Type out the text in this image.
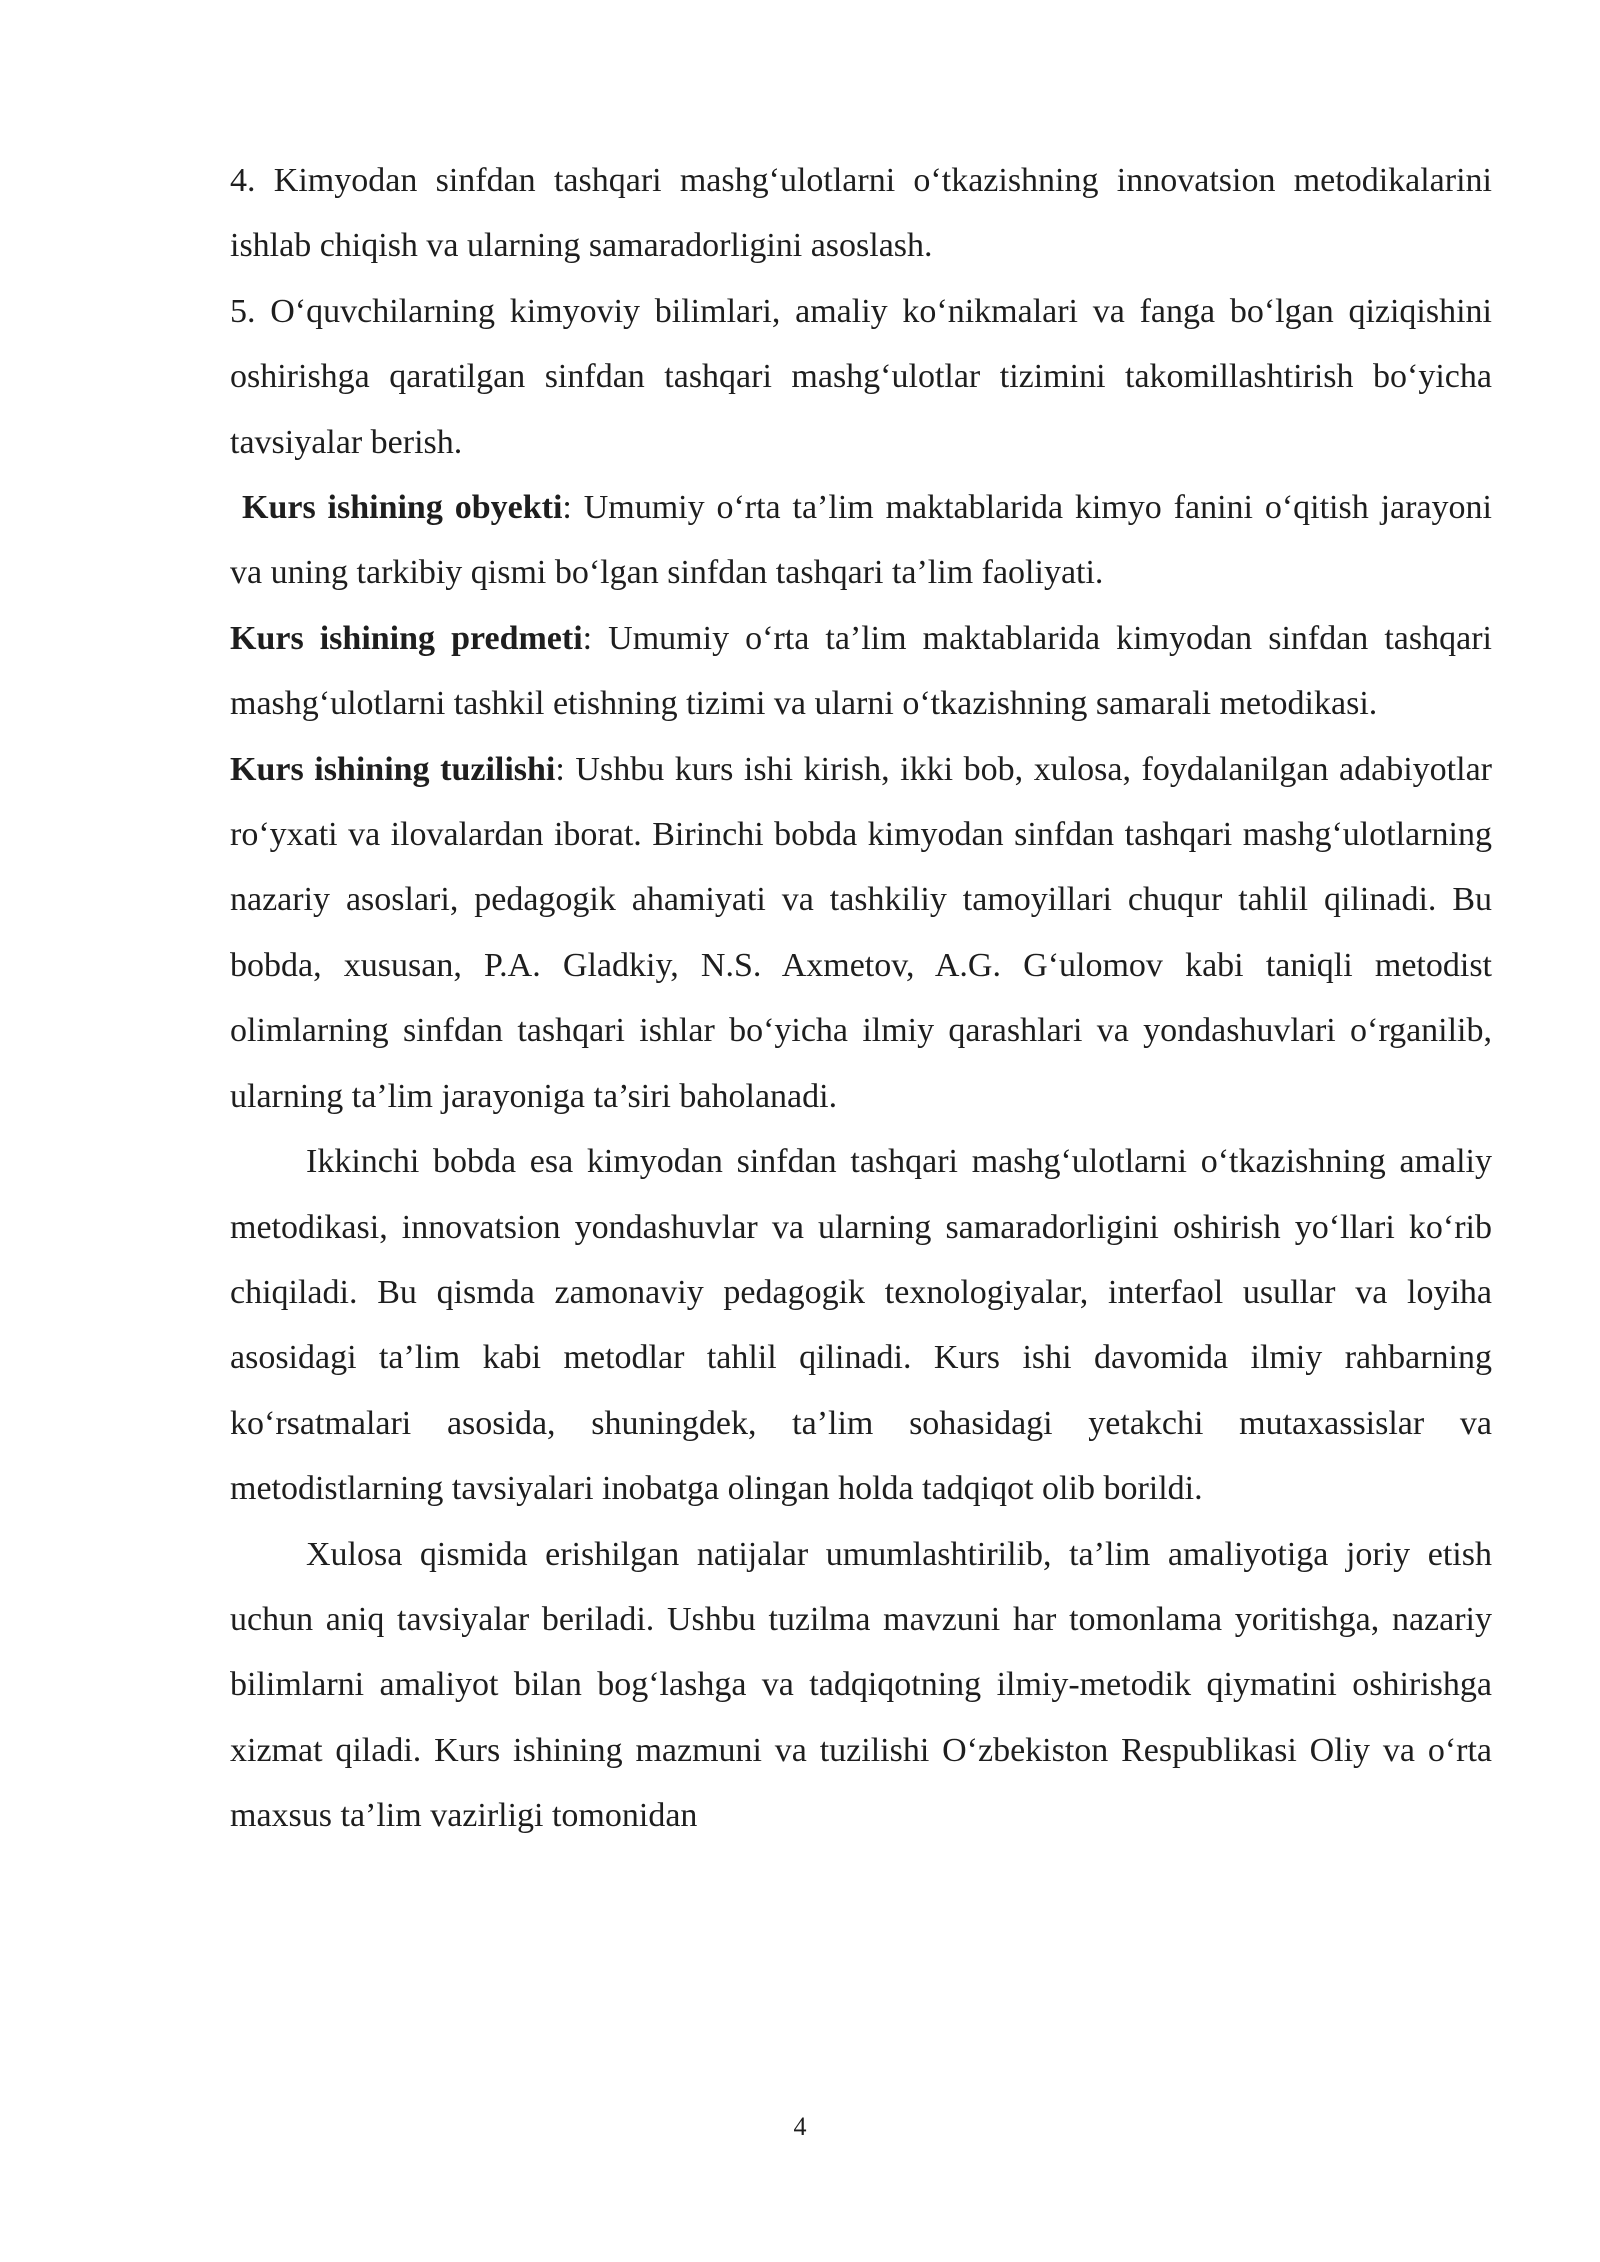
4. Kimyodan sinfdan tashqari mashg‘ulotlarni o‘tkazishning innovatsion metodikalarini ishlab chiqish va ularning samaradorligini asoslash.

5. O‘quvchilarning kimyoviy bilimlari, amaliy ko‘nikmalari va fanga bo‘lgan qiziqishini oshirishga qaratilgan sinfdan tashqari mashg‘ulotlar tizimini takomillashtirish bo‘yicha tavsiyalar berish.

Kurs ishining obyekti: Umumiy o‘rta ta’lim maktablarida kimyo fanini o‘qitish jarayoni va uning tarkibiy qismi bo‘lgan sinfdan tashqari ta’lim faoliyati.

Kurs ishining predmeti: Umumiy o‘rta ta’lim maktablarida kimyodan sinfdan tashqari mashg‘ulotlarni tashkil etishning tizimi va ularni o‘tkazishning samarali metodikasi.

Kurs ishining tuzilishi: Ushbu kurs ishi kirish, ikki bob, xulosa, foydalanilgan adabiyotlar ro‘yxati va ilovalardan iborat. Birinchi bobda kimyodan sinfdan tashqari mashg‘ulotlarning nazariy asoslari, pedagogik ahamiyati va tashkiliy tamoyillari chuqur tahlil qilinadi. Bu bobda, xususan, P.A. Gladkiy, N.S. Axmetov, A.G. G‘ulomov kabi taniqli metodist olimlarning sinfdan tashqari ishlar bo‘yicha ilmiy qarashlari va yondashuvlari o‘rganilib, ularning ta’lim jarayoniga ta’siri baholanadi.

Ikkinchi bobda esa kimyodan sinfdan tashqari mashg‘ulotlarni o‘tkazishning amaliy metodikasi, innovatsion yondashuvlar va ularning samaradorligini oshirish yo‘llari ko‘rib chiqiladi. Bu qismda zamonaviy pedagogik texnologiyalar, interfaol usullar va loyiha asosidagi ta’lim kabi metodlar tahlil qilinadi. Kurs ishi davomida ilmiy rahbarning ko‘rsatmalari asosida, shuningdek, ta’lim sohasidagi yetakchi mutaxassislar va metodistlarning tavsiyalari inobatga olingan holda tadqiqot olib borildi.

Xulosa qismida erishilgan natijalar umumlashtirilib, ta’lim amaliyotiga joriy etish uchun aniq tavsiyalar beriladi. Ushbu tuzilma mavzuni har tomonlama yoritishga, nazariy bilimlarni amaliyot bilan bog‘lashga va tadqiqotning ilmiy-metodik qiymatini oshirishga xizmat qiladi. Kurs ishining mazmuni va tuzilishi O‘zbekiston Respublikasi Oliy va o‘rta maxsus ta’lim vazirligi tomonidan

4
